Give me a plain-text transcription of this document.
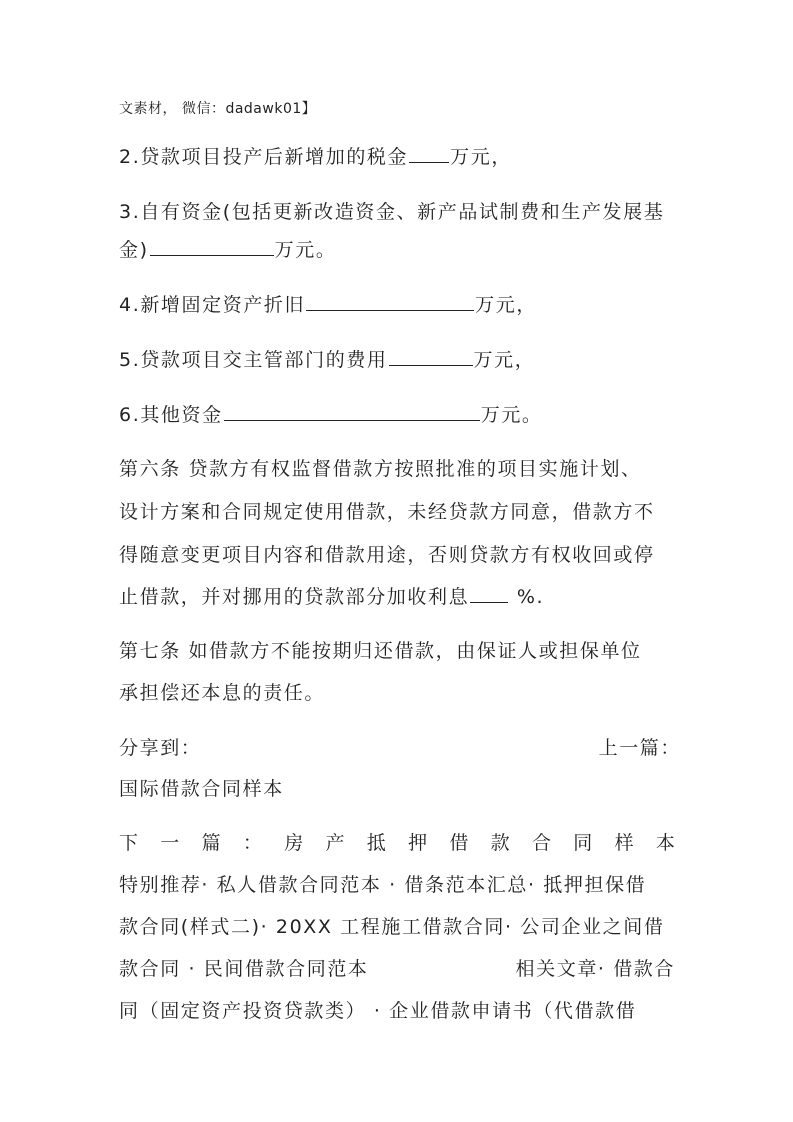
文素材， 微信：dadawk01】
2.贷款项目投产后新增加的税金 万元，
3.自有资金(包括更新改造资金、新产品试制费和生产发展基
金)	万元。
4.新增固定资产折旧	万元，
5.贷款项目交主管部门的费用	万元，
6.其他资金	万元。
第六条 贷款方有权监督借款方按照批准的项目实施计划、
设计方案和合同规定使用借款，未经贷款方同意，借款方不
得随意变更项目内容和借款用途，否则贷款方有权收回或停
止借款，并对挪用的贷款部分加收利息 %.
第七条 如借款方不能按期归还借款，由保证人或担保单位
承担偿还本息的责任。
分享到：	上一篇：
国际借款合同样本
下 一 篇 ： 房 产 抵 押 借 款 合 同 样 本
特别推荐· 私人借款合同范本 · 借条范本汇总· 抵押担保借
款合同(样式二)· 20XX 工程施工借款合同· 公司企业之间借
款合同 · 民间借款合同范本	相关文章· 借款合
同（固定资产投资贷款类） · 企业借款申请书（代借款借
